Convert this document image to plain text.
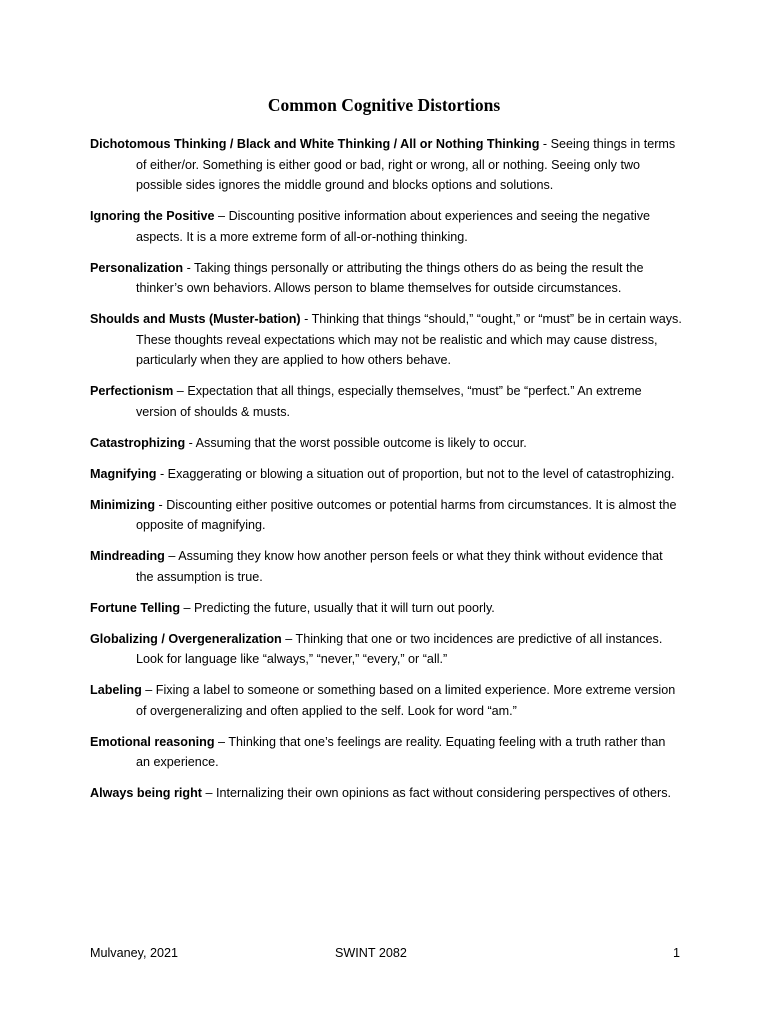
Common Cognitive Distortions

Dichotomous Thinking / Black and White Thinking / All or Nothing Thinking - Seeing things in terms of either/or. Something is either good or bad, right or wrong, all or nothing. Seeing only two possible sides ignores the middle ground and blocks options and solutions.

Ignoring the Positive – Discounting positive information about experiences and seeing the negative aspects. It is a more extreme form of all-or-nothing thinking.

Personalization - Taking things personally or attributing the things others do as being the result the thinker’s own behaviors. Allows person to blame themselves for outside circumstances.

Shoulds and Musts (Muster-bation) - Thinking that things “should,” “ought,” or “must” be in certain ways. These thoughts reveal expectations which may not be realistic and which may cause distress, particularly when they are applied to how others behave.

Perfectionism – Expectation that all things, especially themselves, “must” be “perfect.” An extreme version of shoulds & musts.

Catastrophizing - Assuming that the worst possible outcome is likely to occur.

Magnifying - Exaggerating or blowing a situation out of proportion, but not to the level of catastrophizing.

Minimizing - Discounting either positive outcomes or potential harms from circumstances. It is almost the opposite of magnifying.

Mindreading – Assuming they know how another person feels or what they think without evidence that the assumption is true.

Fortune Telling – Predicting the future, usually that it will turn out poorly.

Globalizing / Overgeneralization – Thinking that one or two incidences are predictive of all instances. Look for language like “always,” “never,” “every,” or “all.”

Labeling – Fixing a label to someone or something based on a limited experience. More extreme version of overgeneralizing and often applied to the self. Look for word “am.”

Emotional reasoning – Thinking that one’s feelings are reality. Equating feeling with a truth rather than an experience.

Always being right – Internalizing their own opinions as fact without considering perspectives of others.

Mulvaney, 2021	SWINT 2082	1
